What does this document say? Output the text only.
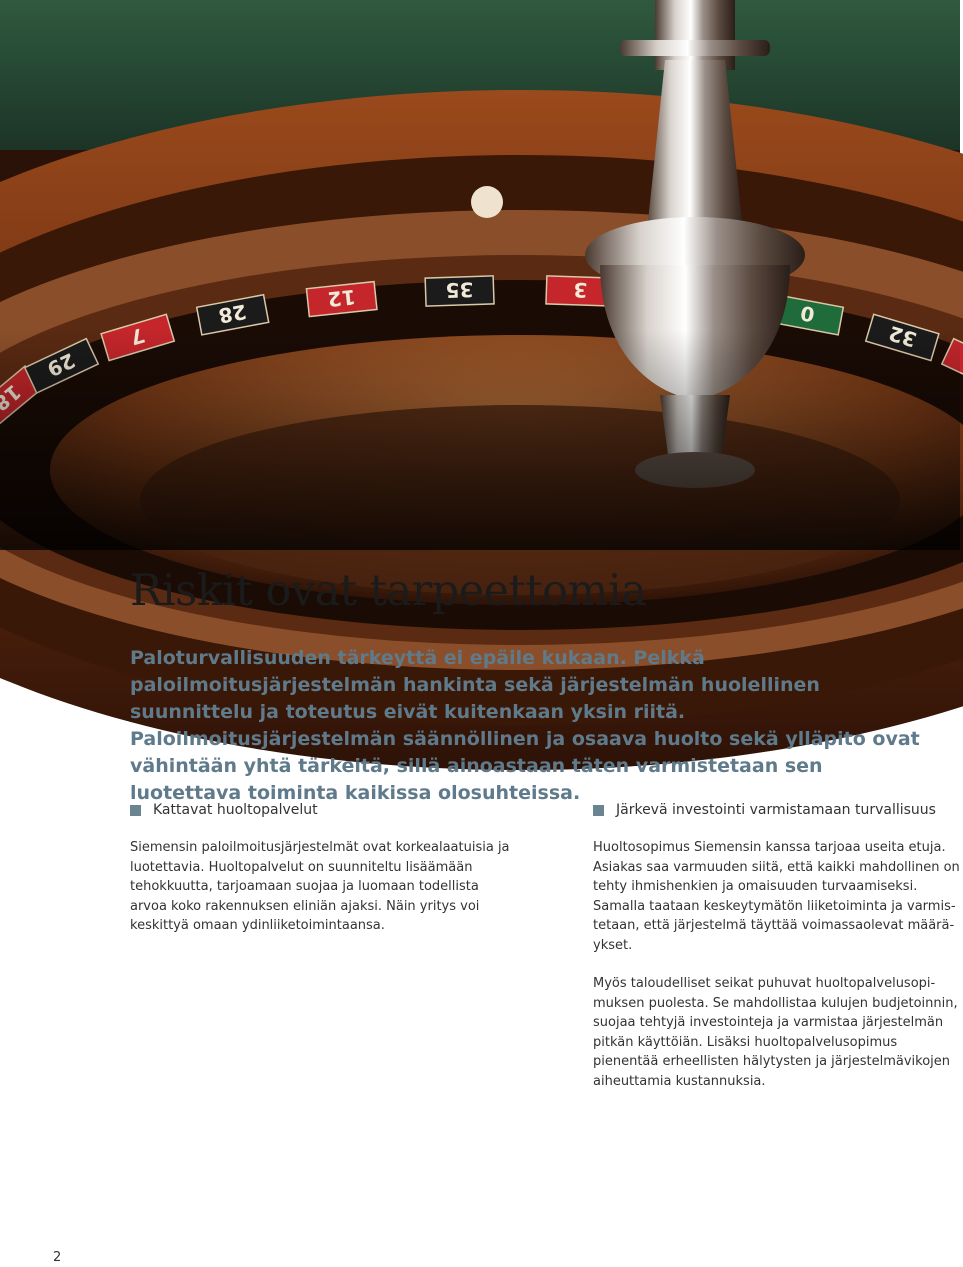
Riskit ovat tarpeettomia

Paloturvallisuuden tärkeyttä ei epäile kukaan. Pelkkä paloilmoitusjärjestelmän hankinta sekä järjestelmän huolellinen suunnittelu ja toteutus eivät kuitenkaan yksin riitä. Paloilmoitusjärjestelmän säännöllinen ja osaava huolto sekä ylläpito ovat vähintään yhtä tärkeitä, sillä ainoastaan täten varmistetaan sen luotettava toiminta kaikissa olosuhteissa.

Kattavat huoltopalvelut

Siemensin paloilmoitusjärjestelmät ovat korkealaatuisia ja luotettavia. Huoltopalvelut on suunniteltu lisäämään tehokkuutta, tarjoamaan suojaa ja luomaan todellista arvoa koko rakennuksen eliniän ajaksi. Näin yritys voi keskittyä omaan ydinliiketoimintaansa.

Järkevä investointi varmistamaan turvallisuus

Huoltosopimus Siemensin kanssa tarjoaa useita etuja. Asiakas saa varmuuden siitä, että kaikki mahdollinen on tehty ihmishenkien ja omaisuuden turvaamiseksi. Samalla taataan keskeytymätön liiketoiminta ja varmistetaan, että järjestelmä täyttää voimassaolevat määräykset.

Myös taloudelliset seikat puhuvat huoltopalvelusopimuksen puolesta. Se mahdollistaa kulujen budjetoinnin, suojaa tehtyjä investointeja ja varmistaa järjestelmän pitkän käyttöiän. Lisäksi huoltopalvelusopimus pienentää erheellisten hälytysten ja järjestelmävikojen aiheuttamia kustannuksia.

2
